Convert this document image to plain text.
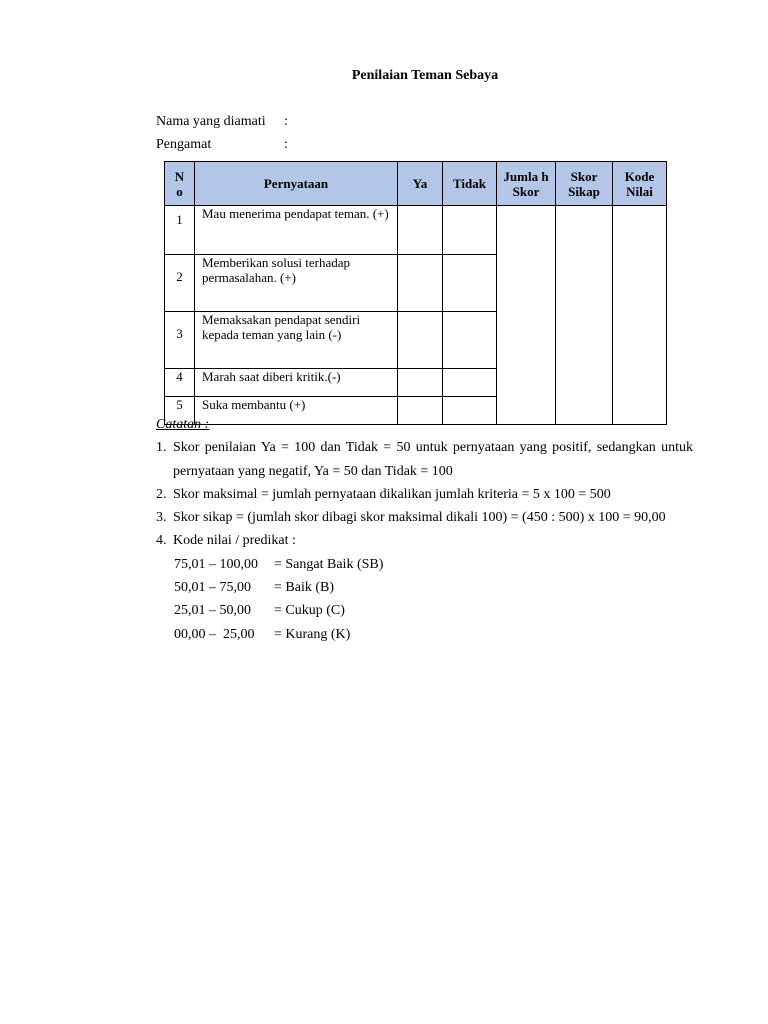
Penilaian Teman Sebaya
Nama yang diamati :
Pengamat	:
N o	Pernyataan	Ya	Tidak	Jumla h Skor	Skor Sikap	Kode Nilai
1	Mau menerima pendapat teman. (+)					
2	Memberikan solusi terhadap permasalahan. (+)					
3	Memaksakan pendapat sendiri kepada teman yang lain (-)					
4	Marah saat diberi kritik.(-)					
5	Suka membantu (+)					
Catatan :
1. Skor penilaian Ya = 100 dan Tidak = 50 untuk pernyataan yang positif, sedangkan untuk pernyataan yang negatif, Ya = 50 dan Tidak = 100
2. Skor maksimal = jumlah pernyataan dikalikan jumlah kriteria = 5 x 100 = 500
3. Skor sikap = (jumlah skor dibagi skor maksimal dikali 100) = (450 : 500) x 100 = 90,00
4. Kode nilai / predikat :
75,01 – 100,00	= Sangat Baik (SB)
50,01 – 75,00	= Baik (B)
25,01 – 50,00	= Cukup (C)
00,00 –  25,00	= Kurang (K)
